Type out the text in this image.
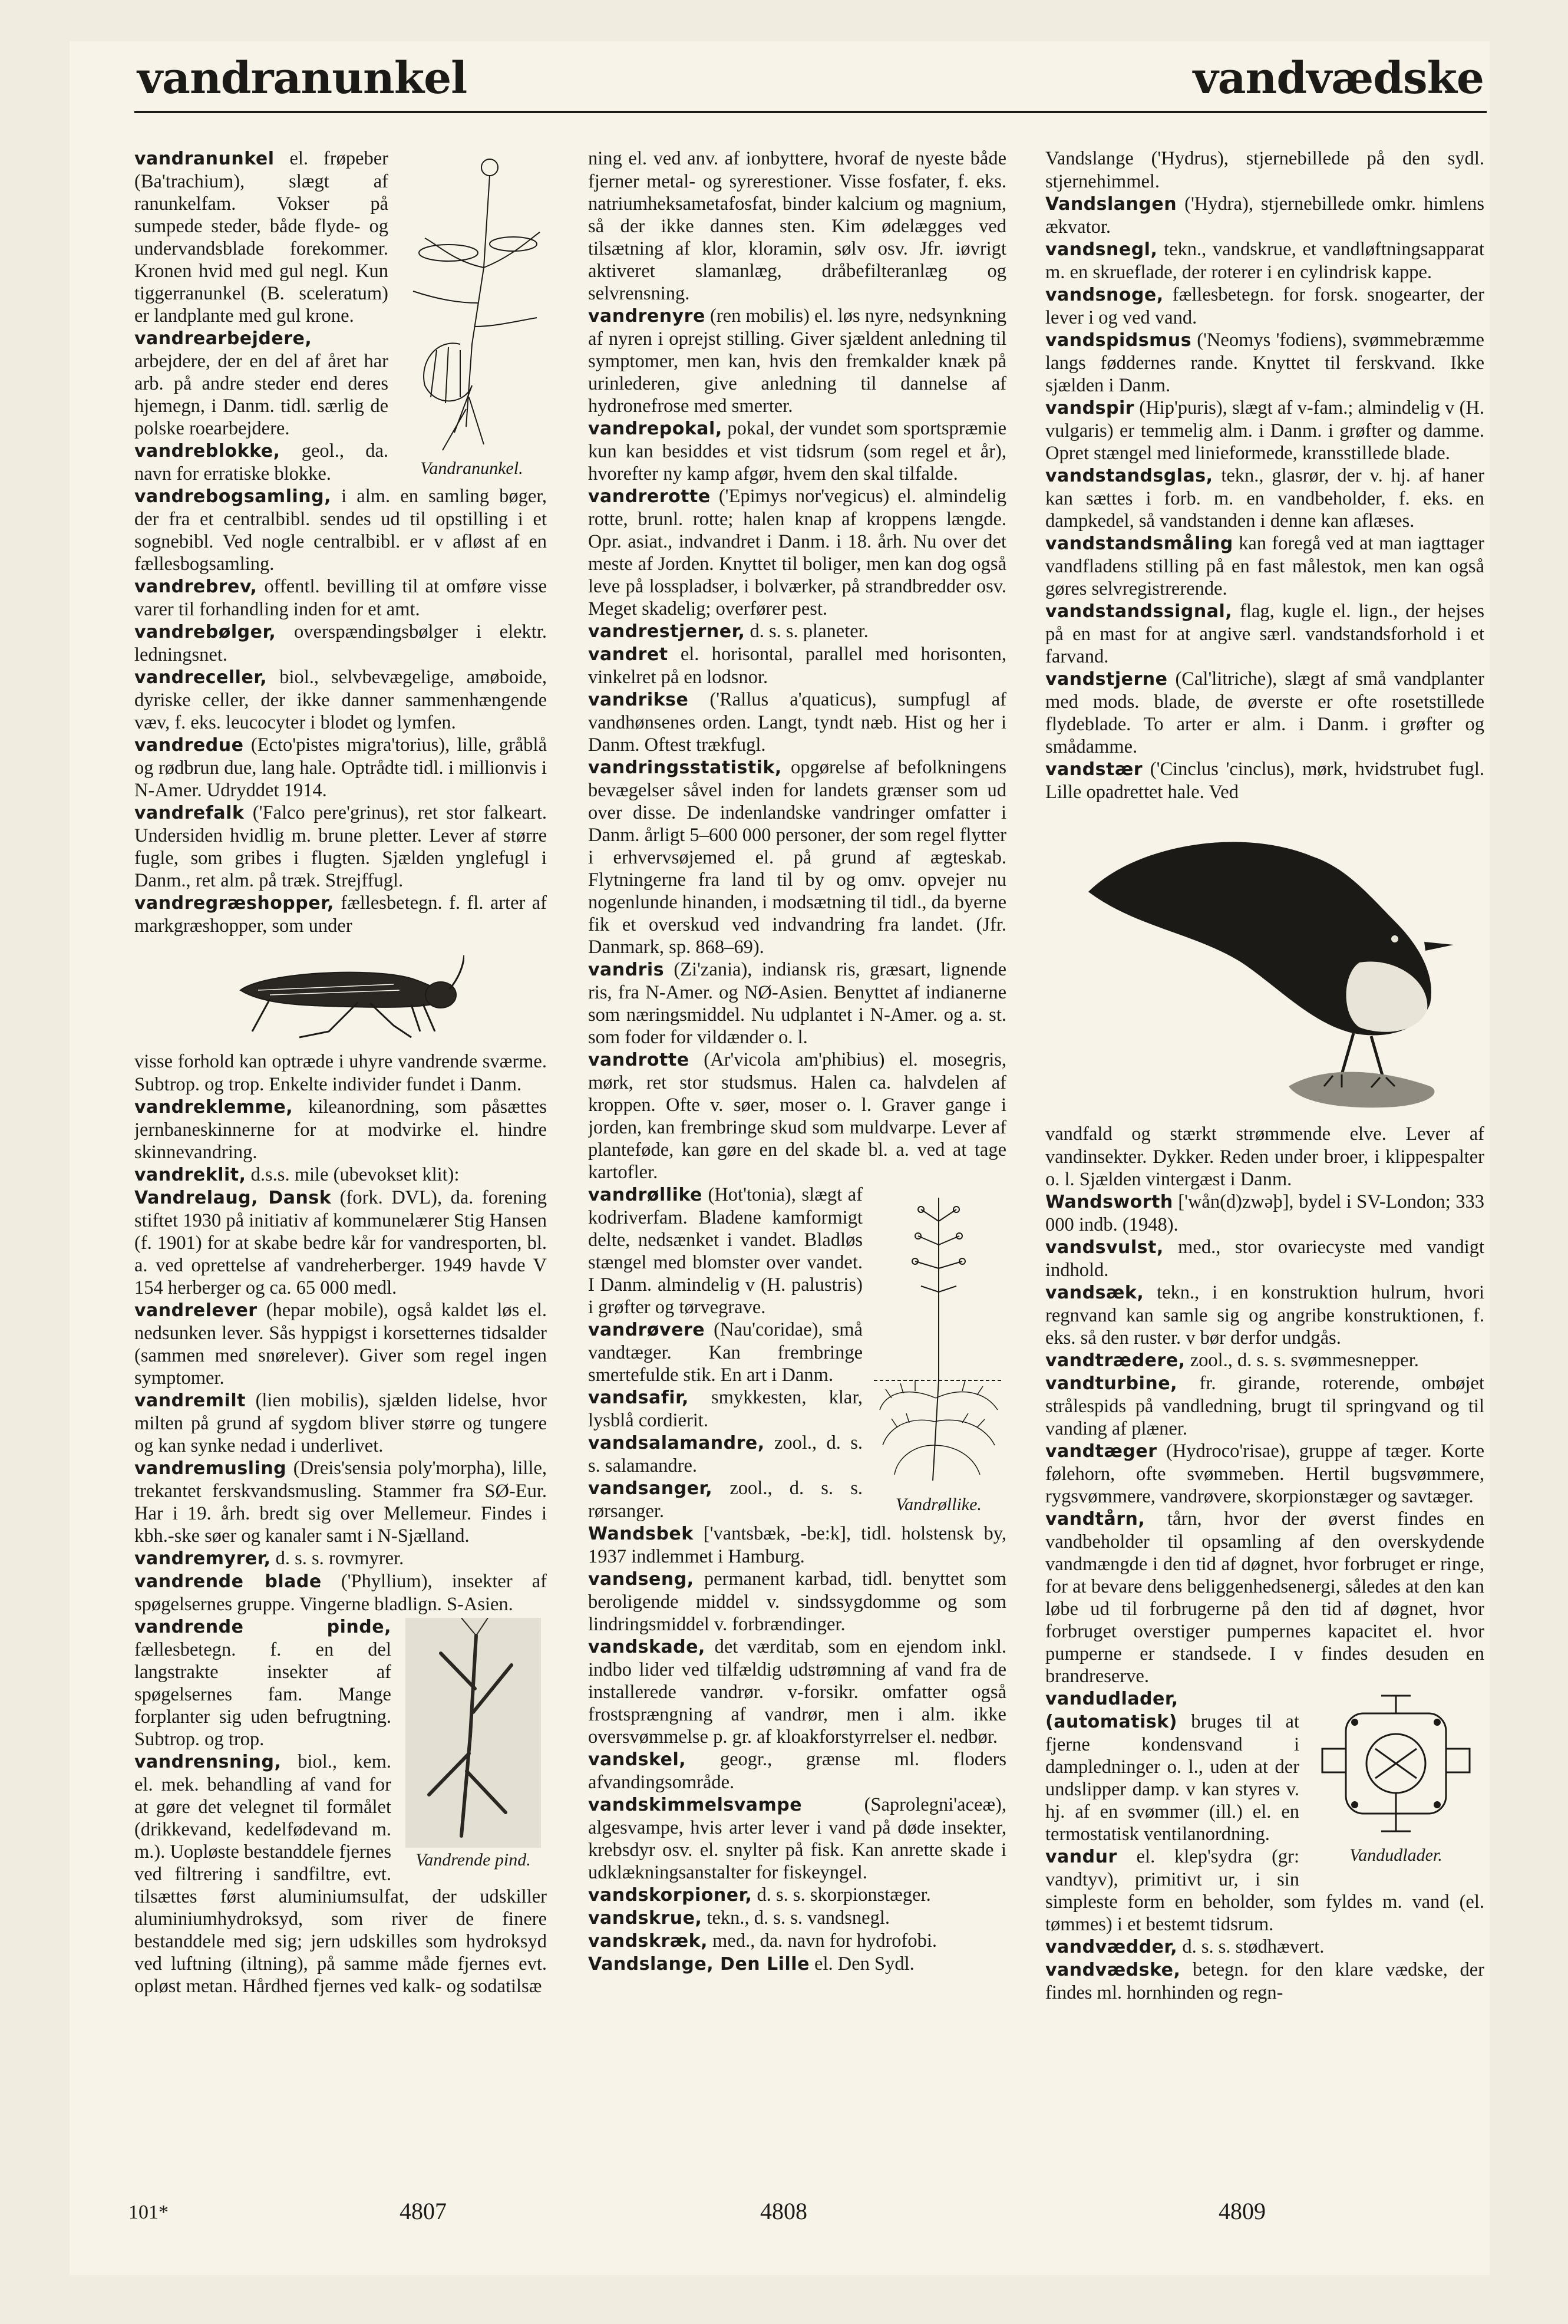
vandranunkel	vandvædske
Vandranunkel.

vandranunkel el. frøpeber (Ba'trachium), slægt af ranunkelfam. Vokser på sumpede steder, både flyde- og undervandsblade forekommer. Kronen hvid med gul negl. Kun tiggerranunkel (B. sceleratum) er landplante med gul krone.

vandrearbejdere, arbejdere, der en del af året har arb. på andre steder end deres hjemegn, i Danm. tidl. særlig de polske roearbejdere.

vandreblokke, geol., da. navn for erratiske blokke.

vandrebogsamling, i alm. en samling bøger, der fra et centralbibl. sendes ud til opstilling i et sognebibl. Ved nogle centralbibl. er v afløst af en fællesbogsamling.

vandrebrev, offentl. bevilling til at omføre visse varer til forhandling inden for et amt.

vandrebølger, overspændingsbølger i elektr. ledningsnet.

vandreceller, biol., selvbevægelige, amøboide, dyriske celler, der ikke danner sammenhængende væv, f. eks. leucocyter i blodet og lymfen.

vandredue (Ecto'pistes migra'torius), lille, gråblå og rødbrun due, lang hale. Optrådte tidl. i millionvis i N-Amer. Udryddet 1914.

vandrefalk ('Falco pere'grinus), ret stor falkeart. Undersiden hvidlig m. brune pletter. Lever af større fugle, som gribes i flugten. Sjælden ynglefugl i Danm., ret alm. på træk. Strejffugl.

vandregræshopper, fællesbetegn. f. fl. arter af markgræshopper, som under

visse forhold kan optræde i uhyre vandrende sværme. Subtrop. og trop. Enkelte individer fundet i Danm.

vandreklemme, kileanordning, som påsættes jernbaneskinnerne for at modvirke el. hindre skinnevandring.

vandreklit, d.s.s. mile (ubevokset klit):

Vandrelaug, Dansk (fork. DVL), da. forening stiftet 1930 på initiativ af kommunelærer Stig Hansen (f. 1901) for at skabe bedre kår for vandresporten, bl. a. ved oprettelse af vandreherberger. 1949 havde V 154 herberger og ca. 65 000 medl.

vandrelever (hepar mobile), også kaldet løs el. nedsunken lever. Sås hyppigst i korsetternes tidsalder (sammen med snørelever). Giver som regel ingen symptomer.

vandremilt (lien mobilis), sjælden lidelse, hvor milten på grund af sygdom bliver større og tungere og kan synke nedad i underlivet.

vandremusling (Dreis'sensia poly'morpha), lille, trekantet ferskvandsmusling. Stammer fra SØ-Eur. Har i 19. årh. bredt sig over Mellemeur. Findes i kbh.-ske søer og kanaler samt i N-Sjælland.

vandremyrer, d. s. s. rovmyrer.

vandrende blade ('Phyllium), insekter af spøgelsernes gruppe. Vingerne bladlign. S-Asien.

Vandrende pind.

vandrende pinde, fællesbetegn. f. en del langstrakte insekter af spøgelsernes fam. Mange forplanter sig uden befrugtning. Subtrop. og trop.

vandrensning, biol., kem. el. mek. behandling af vand for at gøre det velegnet til formålet (drikkevand, kedelfødevand m. m.). Uopløste bestanddele fjernes ved filtrering i sandfiltre, evt. tilsættes først aluminiumsulfat, der udskiller aluminiumhydroksyd, som river de finere bestanddele med sig; jern udskilles som hydroksyd ved luftning (iltning), på samme måde fjernes evt. opløst metan. Hårdhed fjernes ved kalk- og sodatilsæ

ning el. ved anv. af ionbyttere, hvoraf de nyeste både fjerner metal- og syrerestioner. Visse fosfater, f. eks. natriumheksametafosfat, binder kalcium og magnium, så der ikke dannes sten. Kim ødelægges ved tilsætning af klor, kloramin, sølv osv. Jfr. iøvrigt aktiveret slamanlæg, dråbefilteranlæg og selvrensning.

vandrenyre (ren mobilis) el. løs nyre, nedsynkning af nyren i oprejst stilling. Giver sjældent anledning til symptomer, men kan, hvis den fremkalder knæk på urinlederen, give anledning til dannelse af hydronefrose med smerter.

vandrepokal, pokal, der vundet som sportspræmie kun kan besiddes et vist tidsrum (som regel et år), hvorefter ny kamp afgør, hvem den skal tilfalde.

vandrerotte ('Epimys nor'vegicus) el. almindelig rotte, brunl. rotte; halen knap af kroppens længde. Opr. asiat., indvandret i Danm. i 18. årh. Nu over det meste af Jorden. Knyttet til boliger, men kan dog også leve på losspladser, i bolværker, på strandbredder osv. Meget skadelig; overfører pest.

vandrestjerner, d. s. s. planeter.

vandret el. horisontal, parallel med horisonten, vinkelret på en lodsnor.

vandrikse ('Rallus a'quaticus), sumpfugl af vandhønsenes orden. Langt, tyndt næb. Hist og her i Danm. Oftest trækfugl.

vandringsstatistik, opgørelse af befolkningens bevægelser såvel inden for landets grænser som ud over disse. De indenlandske vandringer omfatter i Danm. årligt 5–600 000 personer, der som regel flytter i erhvervsøjemed el. på grund af ægteskab. Flytningerne fra land til by og omv. opvejer nu nogenlunde hinanden, i modsætning til tidl., da byerne fik et overskud ved indvandring fra landet. (Jfr. Danmark, sp. 868–69).

vandris (Zi'zania), indiansk ris, græsart, lignende ris, fra N-Amer. og NØ-Asien. Benyttet af indianerne som næringsmiddel. Nu udplantet i N-Amer. og a. st. som foder for vildænder o. l.

vandrotte (Ar'vicola am'phibius) el. mosegris, mørk, ret stor studsmus. Halen ca. halvdelen af kroppen. Ofte v. søer, moser o. l. Graver gange i jorden, kan frembringe skud som muldvarpe. Lever af planteføde, kan gøre en del skade bl. a. ved at tage kartofler.

Vandrøllike.

vandrøllike (Hot'tonia), slægt af kodriverfam. Bladene kamformigt delte, nedsænket i vandet. Bladløs stængel med blomster over vandet. I Danm. almindelig v (H. palustris) i grøfter og tørvegrave.

vandrøvere (Nau'coridae), små vandtæger. Kan frembringe smertefulde stik. En art i Danm.

vandsafir, smykkesten, klar, lysblå cordierit.

vandsalamandre, zool., d. s. s. salamandre.

vandsanger, zool., d. s. s. rørsanger.

Wandsbek ['vantsbæk, -be:k], tidl. holstensk by, 1937 indlemmet i Hamburg.

vandseng, permanent karbad, tidl. benyttet som beroligende middel v. sindssygdomme og som lindringsmiddel v. forbrændinger.

vandskade, det værditab, som en ejendom inkl. indbo lider ved tilfældig udstrømning af vand fra de installerede vandrør. v-forsikr. omfatter også frostsprængning af vandrør, men i alm. ikke oversvømmelse p. gr. af kloakforstyrrelser el. nedbør.

vandskel, geogr., grænse ml. floders afvandingsområde.

vandskimmelsvampe (Saprolegni'aceæ), algesvampe, hvis arter lever i vand på døde insekter, krebsdyr osv. el. snylter på fisk. Kan anrette skade i udklækningsanstalter for fiskeyngel.

vandskorpioner, d. s. s. skorpionstæger.

vandskrue, tekn., d. s. s. vandsnegl.

vandskræk, med., da. navn for hydrofobi.

Vandslange, Den Lille el. Den Sydl.

Vandslange ('Hydrus), stjernebillede på den sydl. stjernehimmel.

Vandslangen ('Hydra), stjernebillede omkr. himlens ækvator.

vandsnegl, tekn., vandskrue, et vandløftningsapparat m. en skrueflade, der roterer i en cylindrisk kappe.

vandsnoge, fællesbetegn. for forsk. snogearter, der lever i og ved vand.

vandspidsmus ('Neomys 'fodiens), svømmebræmme langs føddernes rande. Knyttet til ferskvand. Ikke sjælden i Danm.

vandspir (Hip'puris), slægt af v-fam.; almindelig v (H. vulgaris) er temmelig alm. i Danm. i grøfter og damme. Opret stængel med linieformede, kransstillede blade.

vandstandsglas, tekn., glasrør, der v. hj. af haner kan sættes i forb. m. en vandbeholder, f. eks. en dampkedel, så vandstanden i denne kan aflæses.

vandstandsmåling kan foregå ved at man iagttager vandfladens stilling på en fast målestok, men kan også gøres selvregistrerende.

vandstandssignal, flag, kugle el. lign., der hejses på en mast for at angive særl. vandstandsforhold i et farvand.

vandstjerne (Cal'litriche), slægt af små vandplanter med mods. blade, de øverste er ofte rosetstillede flydeblade. To arter er alm. i Danm. i grøfter og smådamme.

vandstær ('Cinclus 'cinclus), mørk, hvidstrubet fugl. Lille opadrettet hale. Ved

vandfald og stærkt strømmende elve. Lever af vandinsekter. Dykker. Reden under broer, i klippespalter o. l. Sjælden vintergæst i Danm.

Wandsworth ['wån(d)zwəþ], bydel i SV-London; 333 000 indb. (1948).

vandsvulst, med., stor ovariecyste med vandigt indhold.

vandsæk, tekn., i en konstruktion hulrum, hvori regnvand kan samle sig og angribe konstruktionen, f. eks. så den ruster. v bør derfor undgås.

vandtrædere, zool., d. s. s. svømmesnepper.

vandturbine, fr. girande, roterende, ombøjet strålespids på vandledning, brugt til springvand og til vanding af plæner.

vandtæger (Hydroco'risae), gruppe af tæger. Korte følehorn, ofte svømmeben. Hertil bugsvømmere, rygsvømmere, vandrøvere, skorpionstæger og savtæger.

vandtårn, tårn, hvor der øverst findes en vandbeholder til opsamling af den overskydende vandmængde i den tid af døgnet, hvor forbruget er ringe, for at bevare dens beliggenhedsenergi, således at den kan løbe ud til forbrugerne på den tid af døgnet, hvor forbruget overstiger pumpernes kapacitet el. hvor pumperne er standsede. I v findes desuden en brandreserve.

Vandudlader.

vandudlader, (automatisk) bruges til at fjerne kondensvand i dampledninger o. l., uden at der undslipper damp. v kan styres v. hj. af en svømmer (ill.) el. en termostatisk ventilanordning.

vandur el. klep'sydra (gr: vandtyv), primitivt ur, i sin simpleste form en beholder, som fyldes m. vand (el. tømmes) i et bestemt tidsrum.

vandvædder, d. s. s. stødhævert.

vandvædske, betegn. for den klare vædske, der findes ml. hornhinden og regn-

101*	4807	4808	4809
